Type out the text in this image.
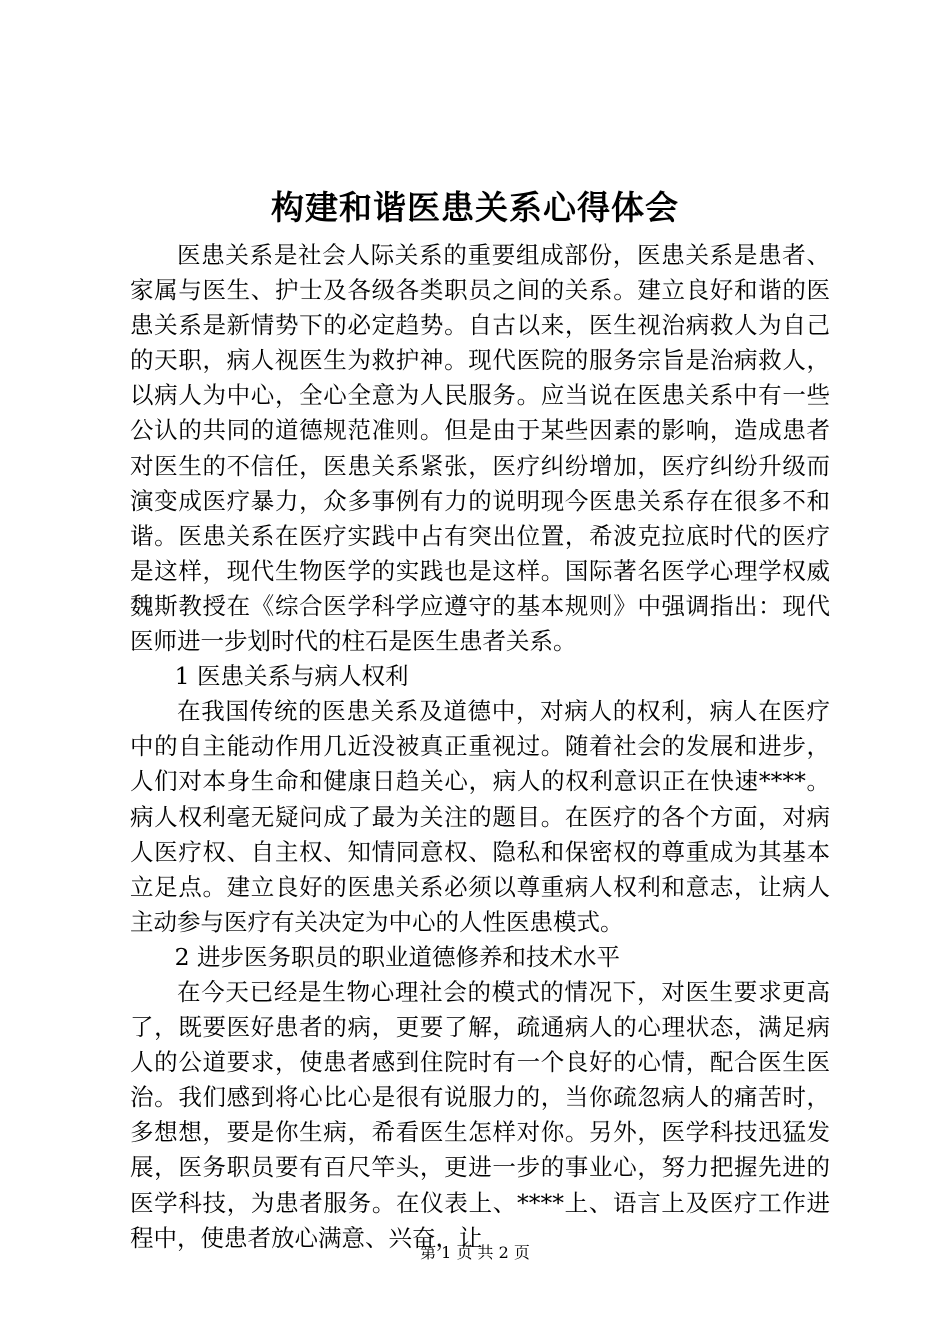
构建和谐医患关系心得体会

医患关系是社会人际关系的重要组成部份，医患关系是患者、家属与医生、护士及各级各类职员之间的关系。建立良好和谐的医患关系是新情势下的必定趋势。自古以来，医生视治病救人为自己的天职，病人视医生为救护神。现代医院的服务宗旨是治病救人，以病人为中心，全心全意为人民服务。应当说在医患关系中有一些公认的共同的道德规范准则。但是由于某些因素的影响，造成患者对医生的不信任，医患关系紧张，医疗纠纷增加，医疗纠纷升级而演变成医疗暴力，众多事例有力的说明现今医患关系存在很多不和谐。医患关系在医疗实践中占有突出位置，希波克拉底时代的医疗是这样，现代生物医学的实践也是这样。国际著名医学心理学权威魏斯教授在《综合医学科学应遵守的基本规则》中强调指出：现代医师进一步划时代的柱石是医生患者关系。

1 医患关系与病人权利

在我国传统的医患关系及道德中，对病人的权利，病人在医疗中的自主能动作用几近没被真正重视过。随着社会的发展和进步，人们对本身生命和健康日趋关心，病人的权利意识正在快速****。病人权利毫无疑问成了最为关注的题目。在医疗的各个方面，对病人医疗权、自主权、知情同意权、隐私和保密权的尊重成为其基本立足点。建立良好的医患关系必须以尊重病人权利和意志，让病人主动参与医疗有关决定为中心的人性医患模式。

2 进步医务职员的职业道德修养和技术水平

在今天已经是生物心理社会的模式的情况下，对医生要求更高了，既要医好患者的病，更要了解，疏通病人的心理状态，满足病人的公道要求，使患者感到住院时有一个良好的心情，配合医生医治。我们感到将心比心是很有说服力的，当你疏忽病人的痛苦时，多想想，要是你生病，希看医生怎样对你。另外，医学科技迅猛发展，医务职员要有百尺竿头，更进一步的事业心，努力把握先进的医学科技，为患者服务。在仪表上、****上、语言上及医疗工作进程中，使患者放心满意、兴奋，让

第 1 页 共 2 页
